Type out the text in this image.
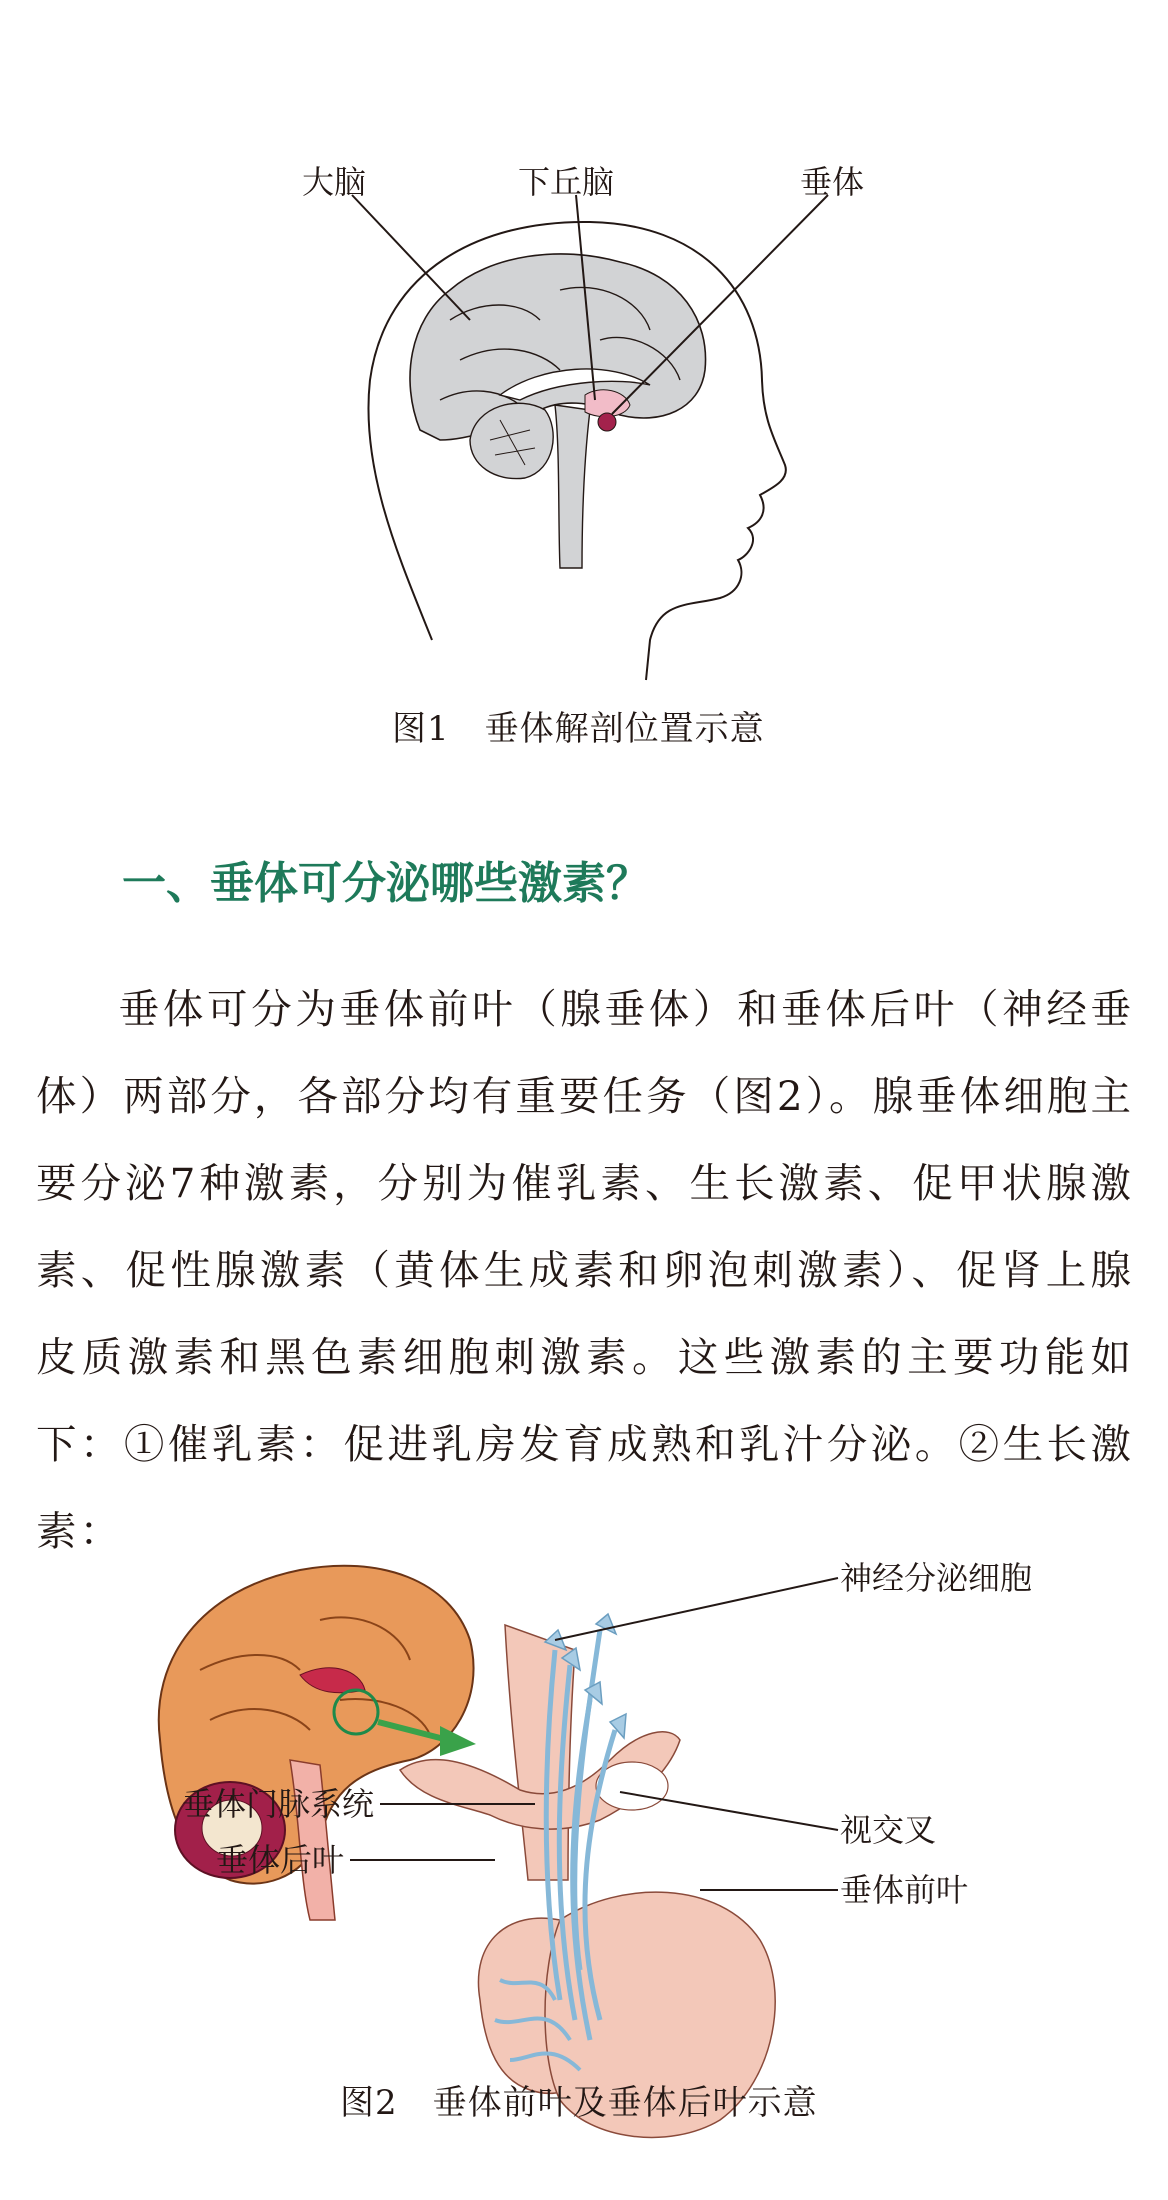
大脑	下丘脑	垂体
图1　垂体解剖位置示意
一、垂体可分泌哪些激素？
垂体可分为垂体前叶（腺垂体）和垂体后叶（神经垂体）两部分，各部分均有重要任务（图2）。腺垂体细胞主要分泌7种激素，分别为催乳素、生长激素、促甲状腺激素、促性腺激素（黄体生成素和卵泡刺激素）、促肾上腺皮质激素和黑色素细胞刺激素。这些激素的主要功能如下：①催乳素：促进乳房发育成熟和乳汁分泌。②生长激素：
神经分泌细胞
视交叉
垂体门脉系统
垂体后叶
垂体前叶
图2　垂体前叶及垂体后叶示意
